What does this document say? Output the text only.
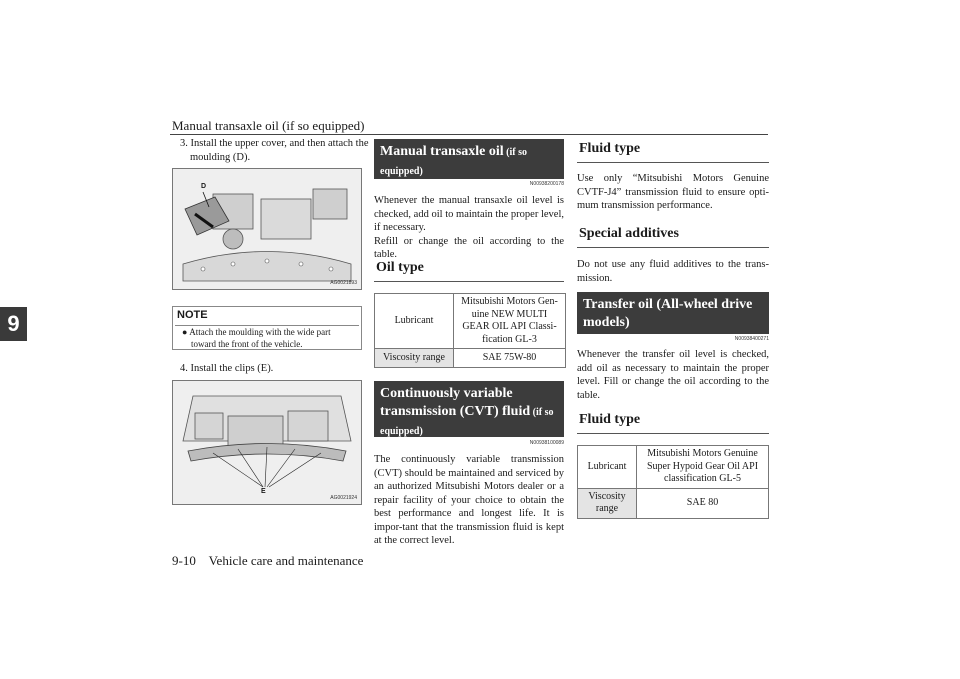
Manual transaxle oil (if so equipped)
9-10 Vehicle care and maintenance
9

3. Install the upper cover, and then attach the moulding (D).

D
AG0021893
NOTE
● Attach the moulding with the wide part toward the front of the vehicle.

4. Install the clips (E).

E
AG0021924
Manual transaxle oil (if so equipped)
N00938200178
Whenever the manual transaxle oil level is checked, add oil to maintain the proper level, if necessary.
Refill or change the oil according to the table.
Oil type
Lubricant	Mitsubishi Motors Gen-uine NEW MULTI GEAR OIL API Classi-fication GL-3
Viscosity range	SAE 75W-80
Continuously variable transmission (CVT) fluid (if so equipped)
N00938100089
The continuously variable transmission (CVT) should be maintained and serviced by an authorized Mitsubishi Motors dealer or a repair facility of your choice to obtain the best performance and longest life. It is impor-tant that the transmission fluid is kept at the correct level.
Fluid type
Use only “Mitsubishi Motors Genuine CVTF-J4” transmission fluid to ensure opti-mum transmission performance.
Special additives
Do not use any fluid additives to the trans-mission.
Transfer oil (All-wheel drive models)
N00938400271
Whenever the transfer oil level is checked, add oil as necessary to maintain the proper level. Fill or change the oil according to the table.
Fluid type
Lubricant	Mitsubishi Motors Genuine Super Hypoid Gear Oil API classification GL-5
Viscosity range	SAE 80
